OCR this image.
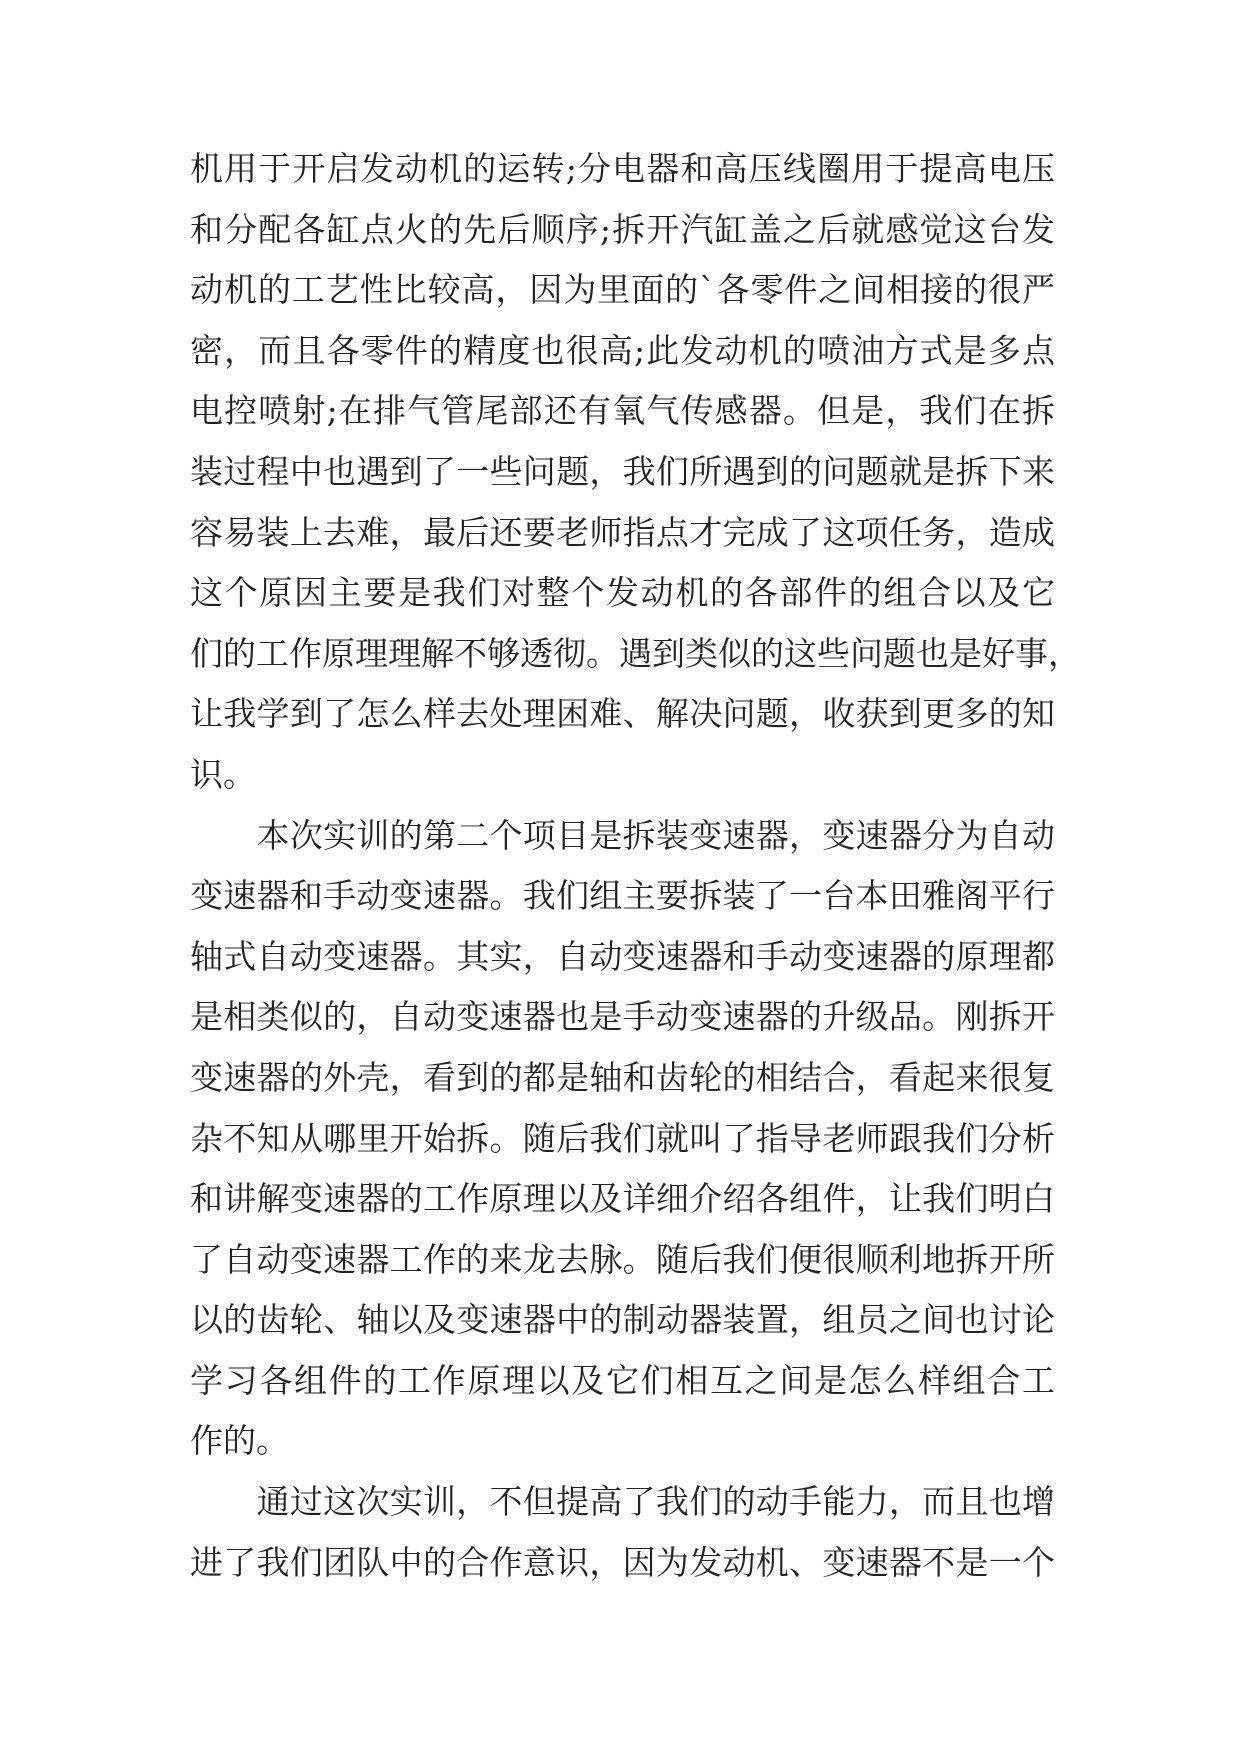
机用于开启发动机的运转;分电器和高压线圈用于提高电压
和分配各缸点火的先后顺序;拆开汽缸盖之后就感觉这台发
动机的工艺性比较高，因为里面的`各零件之间相接的很严
密，而且各零件的精度也很高;此发动机的喷油方式是多点
电控喷射;在排气管尾部还有氧气传感器。但是，我们在拆
装过程中也遇到了一些问题，我们所遇到的问题就是拆下来
容易装上去难，最后还要老师指点才完成了这项任务，造成
这个原因主要是我们对整个发动机的各部件的组合以及它
们的工作原理理解不够透彻。遇到类似的这些问题也是好事，
让我学到了怎么样去处理困难、解决问题，收获到更多的知
识。
　　本次实训的第二个项目是拆装变速器，变速器分为自动
变速器和手动变速器。我们组主要拆装了一台本田雅阁平行
轴式自动变速器。其实，自动变速器和手动变速器的原理都
是相类似的，自动变速器也是手动变速器的升级品。刚拆开
变速器的外壳，看到的都是轴和齿轮的相结合，看起来很复
杂不知从哪里开始拆。随后我们就叫了指导老师跟我们分析
和讲解变速器的工作原理以及详细介绍各组件，让我们明白
了自动变速器工作的来龙去脉。随后我们便很顺利地拆开所
以的齿轮、轴以及变速器中的制动器装置，组员之间也讨论
学习各组件的工作原理以及它们相互之间是怎么样组合工
作的。
　　通过这次实训，不但提高了我们的动手能力，而且也增
进了我们团队中的合作意识，因为发动机、变速器不是一个
